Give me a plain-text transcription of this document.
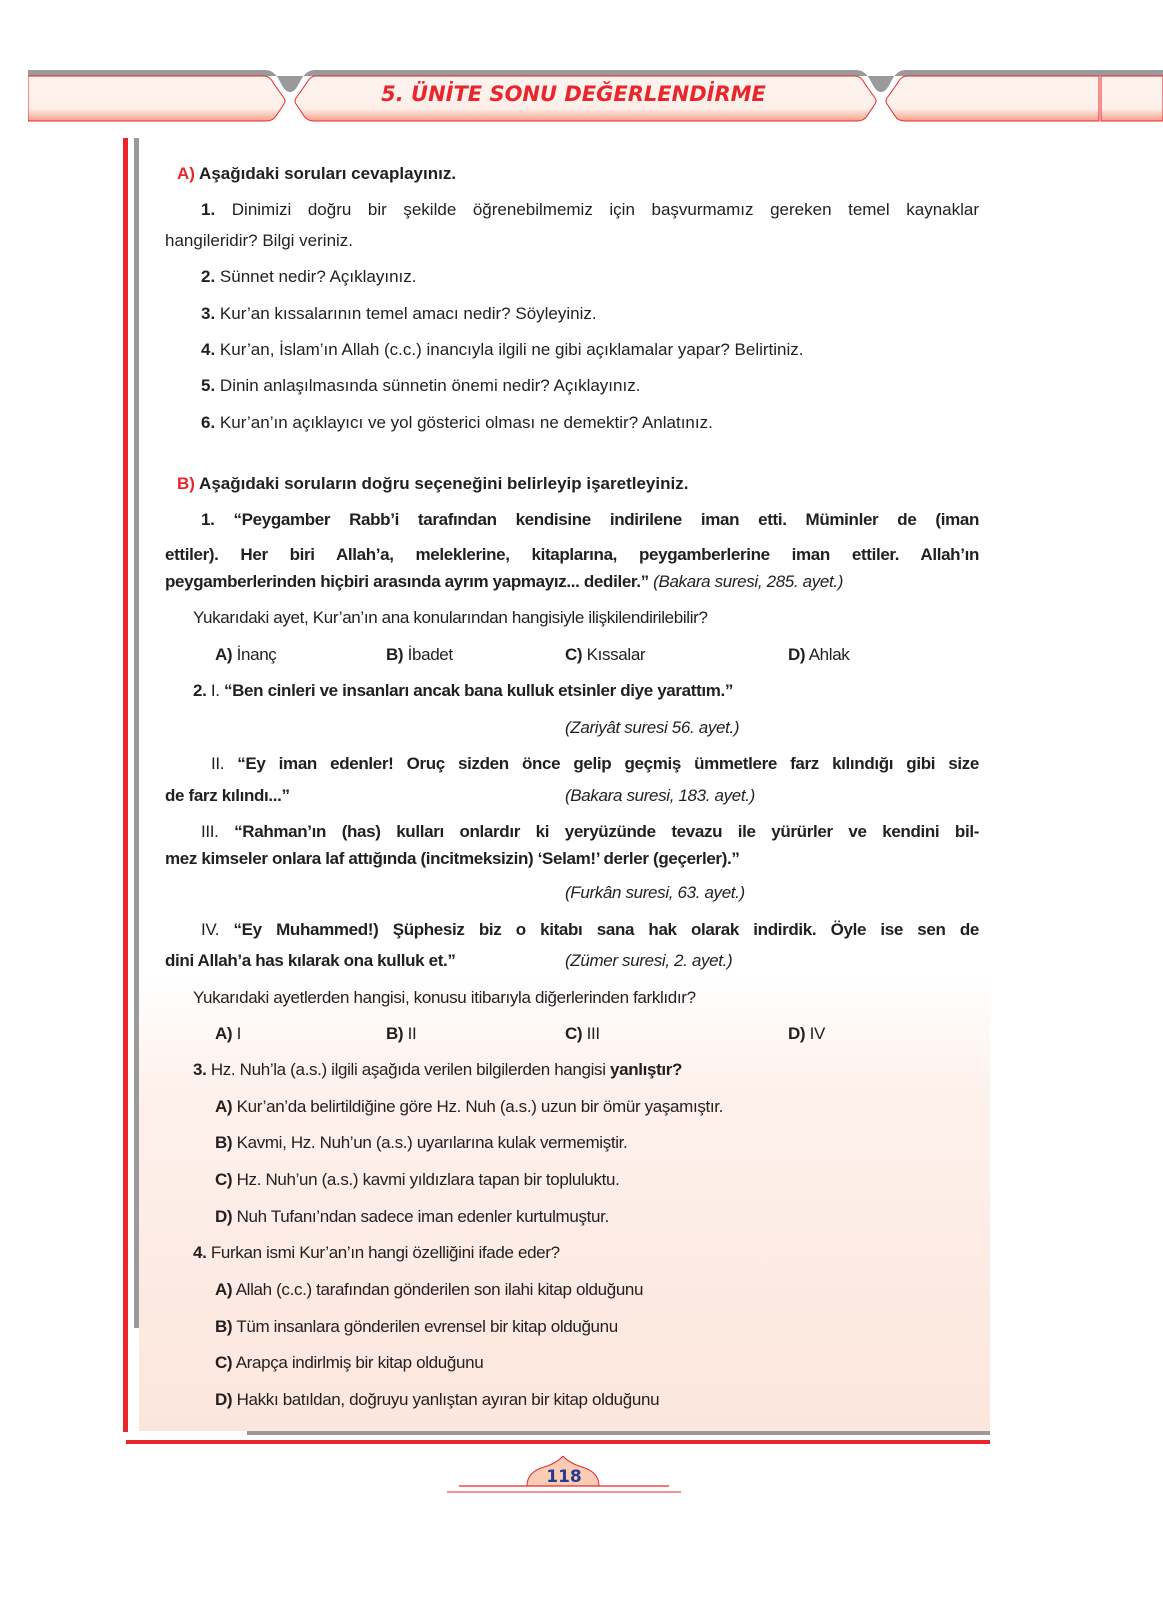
5. ÜNİTE SONU DEĞERLENDİRME
A) Aşağıdaki soruları cevaplayınız.
1. Dinimizi doğru bir şekilde öğrenebilmemiz için başvurmamız gereken temel kaynaklar
hangileridir? Bilgi veriniz.
2. Sünnet nedir? Açıklayınız.
3. Kur’an kıssalarının temel amacı nedir? Söyleyiniz.
4. Kur’an, İslam’ın Allah (c.c.) inancıyla ilgili ne gibi açıklamalar yapar? Belirtiniz.
5. Dinin anlaşılmasında sünnetin önemi nedir? Açıklayınız.
6. Kur’an’ın açıklayıcı ve yol gösterici olması ne demektir? Anlatınız.
B) Aşağıdaki soruların doğru seçeneğini belirleyip işaretleyiniz.
1. “Peygamber Rabb’i tarafından kendisine indirilene iman etti. Müminler de (iman
ettiler). Her biri Allah’a, meleklerine, kitaplarına, peygamberlerine iman ettiler. Allah’ın
peygamberlerinden hiçbiri arasında ayrım yapmayız... dediler.” (Bakara suresi, 285. ayet.)
Yukarıdaki ayet, Kur’an’ın ana konularından hangisiyle ilişkilendirilebilir?
A) İnanç	B) İbadet	C) Kıssalar	D) Ahlak
2. I. “Ben cinleri ve insanları ancak bana kulluk etsinler diye yarattım.”
(Zariyât suresi 56. ayet.)
II. “Ey iman edenler! Oruç sizden önce gelip geçmiş ümmetlere farz kılındığı gibi size
de farz kılındı...”	(Bakara suresi, 183. ayet.)
III. “Rahman’ın (has) kulları onlardır ki yeryüzünde tevazu ile yürürler ve kendini bil-
mez kimseler onlara laf attığında (incitmeksizin) ‘Selam!’ derler (geçerler).”
(Furkân suresi, 63. ayet.)
IV. “Ey Muhammed!) Şüphesiz biz o kitabı sana hak olarak indirdik. Öyle ise sen de
dini Allah’a has kılarak ona kulluk et.”	(Zümer suresi, 2. ayet.)
Yukarıdaki ayetlerden hangisi, konusu itibarıyla diğerlerinden farklıdır?
A) I	B) II	C) III	D) IV
3. Hz. Nuh’la (a.s.) ilgili aşağıda verilen bilgilerden hangisi yanlıştır?
A) Kur’an’da belirtildiğine göre Hz. Nuh (a.s.) uzun bir ömür yaşamıştır.
B) Kavmi, Hz. Nuh’un (a.s.) uyarılarına kulak vermemiştir.
C) Hz. Nuh’un (a.s.) kavmi yıldızlara tapan bir topluluktu.
D) Nuh Tufanı’ndan sadece iman edenler kurtulmuştur.
4. Furkan ismi Kur’an’ın hangi özelliğini ifade eder?
A) Allah (c.c.) tarafından gönderilen son ilahi kitap olduğunu
B) Tüm insanlara gönderilen evrensel bir kitap olduğunu
C) Arapça indirlmiş bir kitap olduğunu
D) Hakkı batıldan, doğruyu yanlıştan ayıran bir kitap olduğunu
118
